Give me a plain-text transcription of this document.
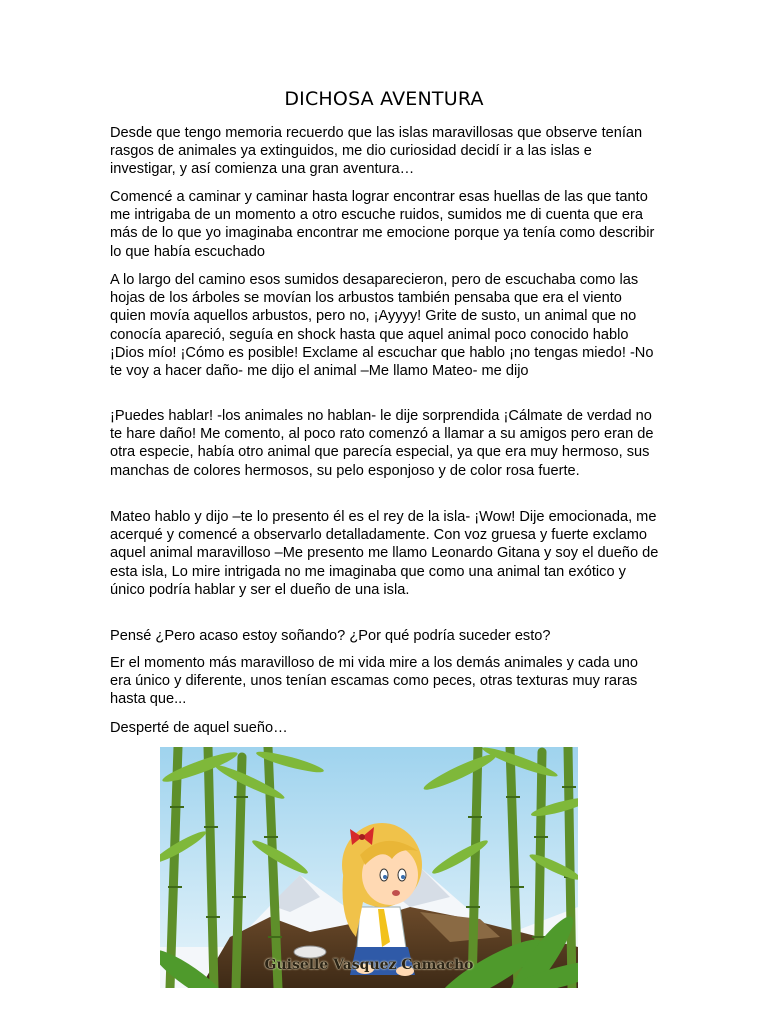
DICHOSA AVENTURA

Desde que tengo memoria recuerdo que las islas maravillosas que observe tenían rasgos de animales ya extinguidos, me dio curiosidad decidí ir a las islas e investigar, y así comienza una gran aventura…

Comencé a caminar y caminar hasta lograr encontrar esas huellas de las que tanto me intrigaba de un momento a otro escuche ruidos, sumidos me di cuenta que era más de lo que yo imaginaba encontrar me emocione porque ya tenía como describir lo que había escuchado

A lo largo del camino esos sumidos desaparecieron, pero de escuchaba como las hojas de los árboles se movían los arbustos también pensaba que era el viento quien movía aquellos arbustos, pero no, ¡Ayyyy! Grite de susto, un animal que no conocía apareció, seguía en shock hasta que aquel animal poco conocido hablo ¡Dios mío! ¡Cómo es posible! Exclame al escuchar que hablo ¡no tengas miedo! -No te voy a hacer daño- me dijo el animal –Me llamo Mateo- me dijo

¡Puedes hablar! -los animales no hablan- le dije sorprendida ¡Cálmate de verdad no te hare daño! Me comento, al poco rato comenzó a llamar a su amigos pero eran de otra especie, había otro animal que parecía especial, ya que era muy hermoso, sus manchas de colores hermosos, su pelo esponjoso y de color rosa fuerte.

Mateo hablo y dijo –te lo presento él es el rey de la isla- ¡Wow! Dije emocionada, me acerqué y comencé a observarlo detalladamente. Con voz gruesa y fuerte exclamo aquel animal maravilloso –Me presento me llamo Leonardo Gitana y soy el dueño de esta isla, Lo mire intrigada no me imaginaba que como una animal tan exótico y único podría hablar y ser el dueño de una isla.

Pensé ¿Pero acaso estoy soñando? ¿Por qué podría suceder esto?

Er el momento más maravilloso de mi vida mire a los demás animales y cada uno era único y diferente, unos tenían escamas como peces, otras texturas muy raras hasta que...

Desperté de aquel sueño…

Guiselle Vasquez Camacho
